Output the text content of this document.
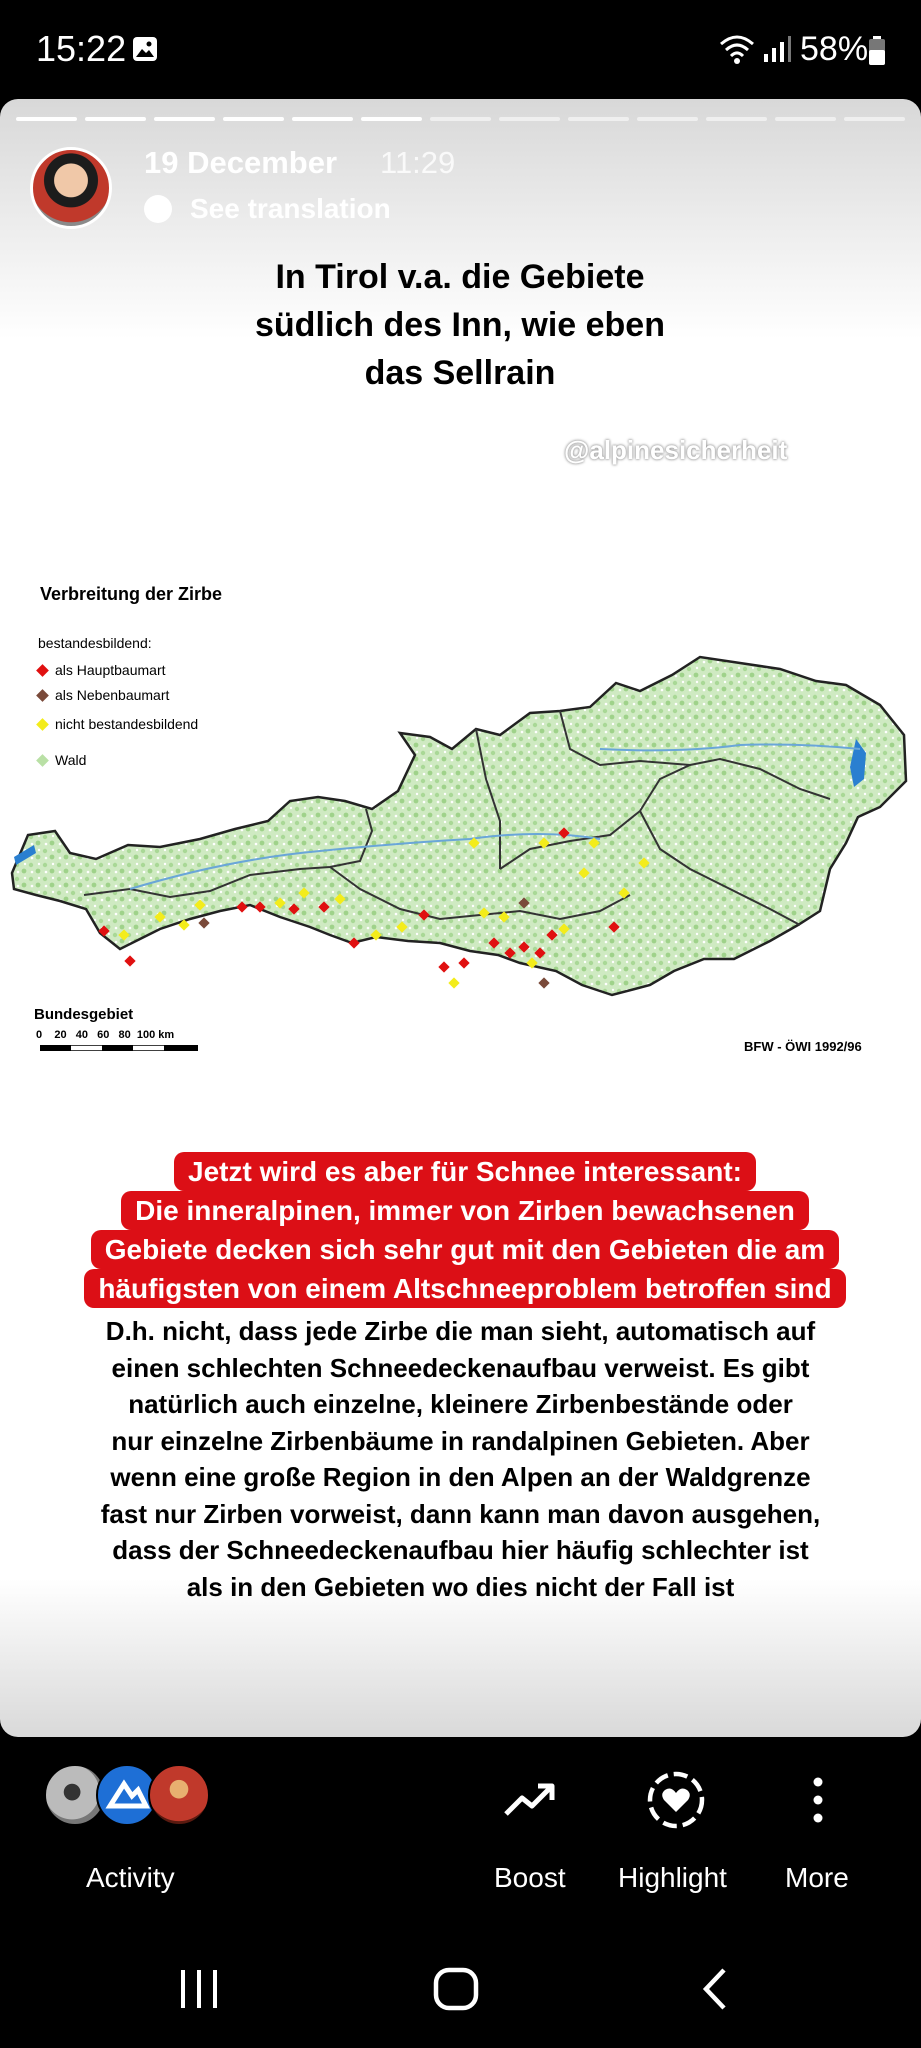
15:22	58%
19 December 11:29
See translation
In Tirol v.a. die Gebiete
südlich des Inn, wie eben
das Sellrain
@alpinesicherheit
Verbreitung der Zirbe
bestandesbildend:
als Hauptbaumart
als Nebenbaumart
nicht bestandesbildend
Wald
Bundesgebiet
0    20   40   60   80  100 km
BFW - ÖWI 1992/96
Jetzt wird es aber für Schnee interessant:
Die inneralpinen, immer von Zirben bewachsenen
Gebiete decken sich sehr gut mit den Gebieten die am
häufigsten von einem Altschneeproblem betroffen sind
D.h. nicht, dass jede Zirbe die man sieht, automatisch auf
einen schlechten Schneedeckenaufbau verweist. Es gibt
natürlich auch einzelne, kleinere Zirbenbestände oder
nur einzelne Zirbenbäume in randalpinen Gebieten. Aber
wenn eine große Region in den Alpen an der Waldgrenze
fast nur Zirben vorweist, dann kann man davon ausgehen,
dass der Schneedeckenaufbau hier häufig schlechter ist
als in den Gebieten wo dies nicht der Fall ist
Activity	Boost Highlight More
